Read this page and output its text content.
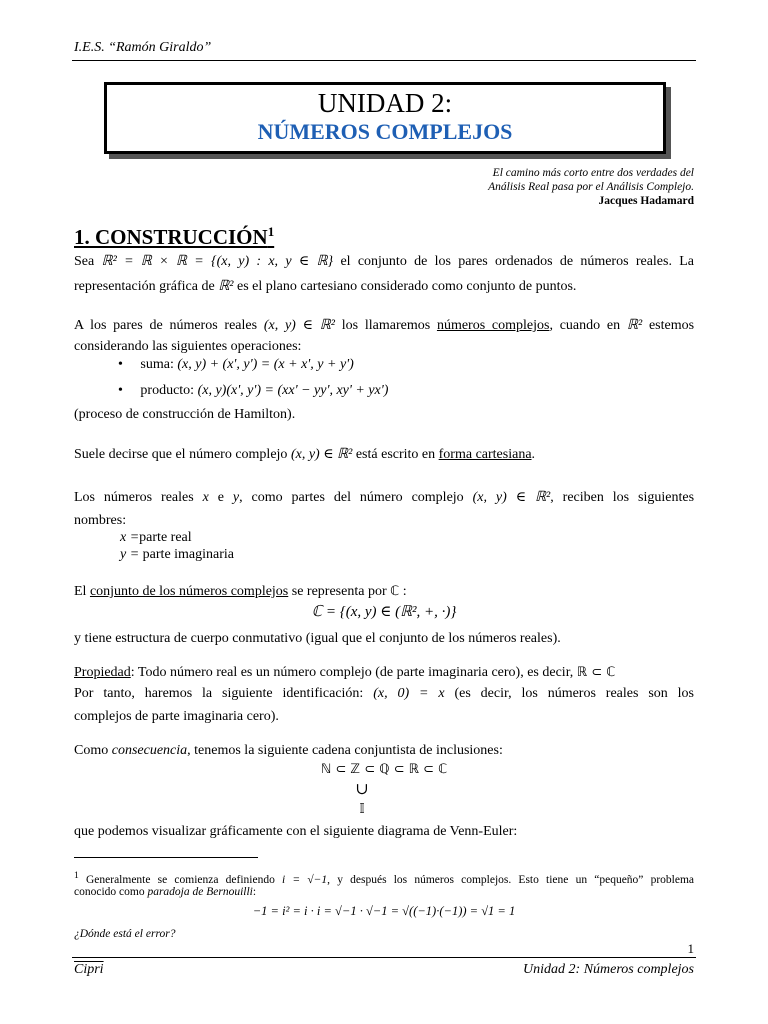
I.E.S. “Ramón Giraldo”
UNIDAD 2:
NÚMEROS COMPLEJOS
El camino más corto entre dos verdades del
Análisis Real pasa por el Análisis Complejo.
Jacques Hadamard
1. CONSTRUCCIÓN$^1$
Sea ℝ² = ℝ × ℝ = {(x, y) : x, y ∈ ℝ} el conjunto de los pares ordenados de números reales. La
representación gráfica de ℝ² es el plano cartesiano considerado como conjunto de puntos.
A los pares de números reales (x, y) ∈ ℝ² los llamaremos números complejos, cuando en ℝ² estemos
considerando las siguientes operaciones:
•     suma: (x, y) + (x', y') = (x + x', y + y')
•     producto: (x, y)(x', y') = (xx' − yy', xy' + yx')
(proceso de construcción de Hamilton).
Suele decirse que el número complejo (x, y) ∈ ℝ² está escrito en forma cartesiana.
Los números reales x e y, como partes del número complejo (x, y) ∈ ℝ², reciben los siguientes
nombres:
x =parte real
y = parte imaginaria
El conjunto de los números complejos se representa por ℂ :
ℂ = {(x, y) ∈ (ℝ², +, ·)}
y tiene estructura de cuerpo conmutativo (igual que el conjunto de los números reales).
Propiedad: Todo número real es un número complejo (de parte imaginaria cero), es decir, ℝ ⊂ ℂ
Por tanto, haremos la siguiente identificación: (x, 0) = x (es decir, los números reales son los
complejos de parte imaginaria cero).
Como consecuencia, tenemos la siguiente cadena conjuntista de inclusiones:
ℕ ⊂ ℤ ⊂ ℚ ⊂ ℝ ⊂ ℂ
∪
𝕀
que podemos visualizar gráficamente con el siguiente diagrama de Venn-Euler:
$^1$ Generalmente se comienza definiendo i = √−1, y después los números complejos. Esto tiene un “pequeño” problema
conocido como paradoja de Bernouilli:
−1 = i² = i · i = √−1 · √−1 = √((−1)·(−1)) = √1 = 1
¿Dónde está el error?
1
Cipri	Unidad 2: Números complejos
